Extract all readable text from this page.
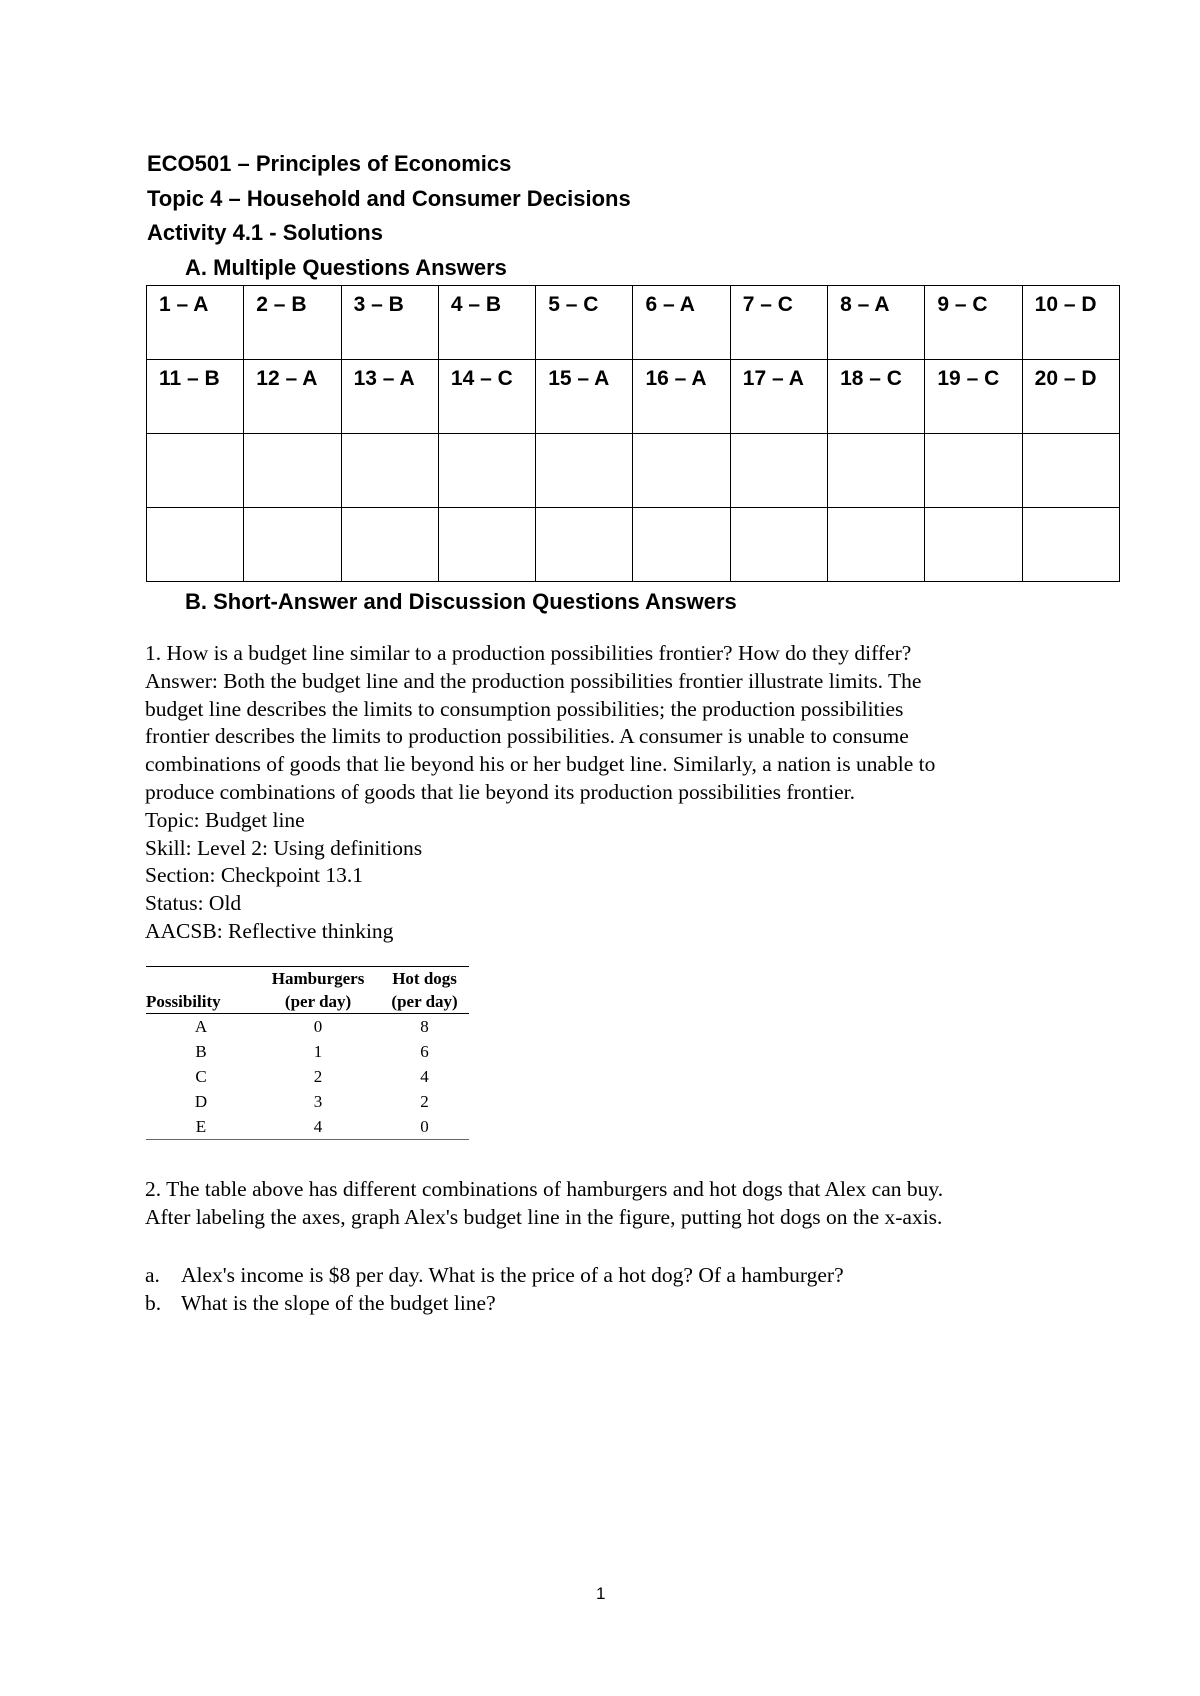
ECO501 – Principles of Economics
Topic 4 – Household and Consumer Decisions
Activity 4.1 - Solutions
A. Multiple Questions Answers
1 – A	2 – B	3 – B	4 – B	5 – C	6 – A	7 – C	8 – A	9 – C	10 – D
11 – B	12 – A	13 – A	14 – C	15 – A	16 – A	17 – A	18 – C	19 – C	20 – D

B. Short-Answer and Discussion Questions Answers
1. How is a budget line similar to a production possibilities frontier? How do they differ?
Answer: Both the budget line and the production possibilities frontier illustrate limits. The
budget line describes the limits to consumption possibilities; the production possibilities
frontier describes the limits to production possibilities. A consumer is unable to consume
combinations of goods that lie beyond his or her budget line. Similarly, a nation is unable to
produce combinations of goods that lie beyond its production possibilities frontier.
Topic: Budget line
Skill: Level 2: Using definitions
Section: Checkpoint 13.1
Status: Old
AACSB: Reflective thinking
	Hamburgers	Hot dogs
Possibility	(per day)	(per day)
A	0	8
B	1	6
C	2	4
D	3	2
E	4	0
2. The table above has different combinations of hamburgers and hot dogs that Alex can buy.
After labeling the axes, graph Alex's budget line in the figure, putting hot dogs on the x-axis.
a. Alex's income is $8 per day. What is the price of a hot dog? Of a hamburger?
b. What is the slope of the budget line?
1
